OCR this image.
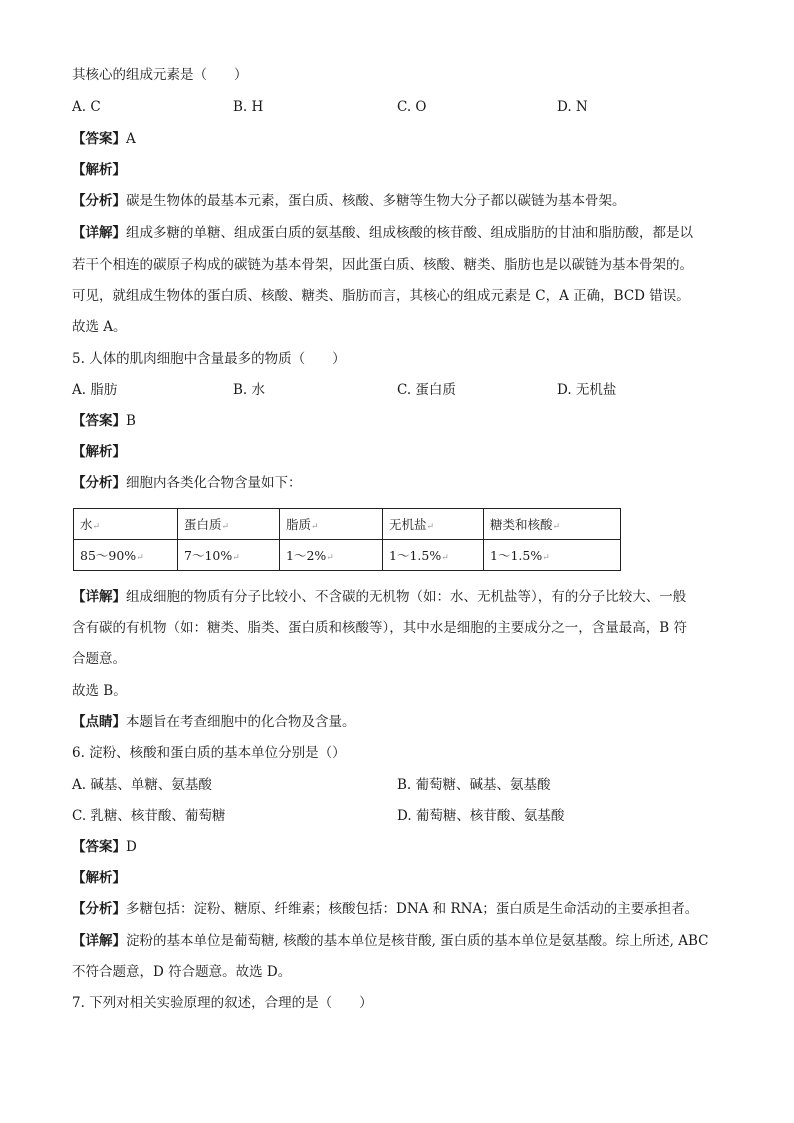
其核心的组成元素是（　　）
A. C	B. H	C. O	D. N
【答案】A
【解析】
【分析】碳是生物体的最基本元素，蛋白质、核酸、多糖等生物大分子都以碳链为基本骨架。
【详解】组成多糖的单糖、组成蛋白质的氨基酸、组成核酸的核苷酸、组成脂肪的甘油和脂肪酸，都是以
若干个相连的碳原子构成的碳链为基本骨架，因此蛋白质、核酸、糖类、脂肪也是以碳链为基本骨架的。
可见，就组成生物体的蛋白质、核酸、糖类、脂肪而言，其核心的组成元素是 C，A 正确，BCD 错误。
故选 A。
5. 人体的肌肉细胞中含量最多的物质（　　）
A. 脂肪	B. 水	C. 蛋白质	D. 无机盐
【答案】B
【解析】
【分析】细胞内各类化合物含量如下：
水↵	蛋白质↵	脂质↵	无机盐↵	糖类和核酸↵
85～90%↵	7～10%↵	1～2%↵	1～1.5%↵	1～1.5%↵
【详解】组成细胞的物质有分子比较小、不含碳的无机物（如：水、无机盐等），有的分子比较大、一般
含有碳的有机物（如：糖类、脂类、蛋白质和核酸等），其中水是细胞的主要成分之一，含量最高，B 符
合题意。
故选 B。
【点睛】本题旨在考查细胞中的化合物及含量。
6. 淀粉、核酸和蛋白质的基本单位分别是（）
A. 碱基、单糖、氨基酸	B. 葡萄糖、碱基、氨基酸
C. 乳糖、核苷酸、葡萄糖	D. 葡萄糖、核苷酸、氨基酸
【答案】D
【解析】
【分析】多糖包括：淀粉、糖原、纤维素；核酸包括：DNA 和 RNA；蛋白质是生命活动的主要承担者。
【详解】淀粉的基本单位是葡萄糖, 核酸的基本单位是核苷酸, 蛋白质的基本单位是氨基酸。综上所述, ABC
不符合题意，D 符合题意。故选 D。
7. 下列对相关实验原理的叙述，合理的是（　　）
